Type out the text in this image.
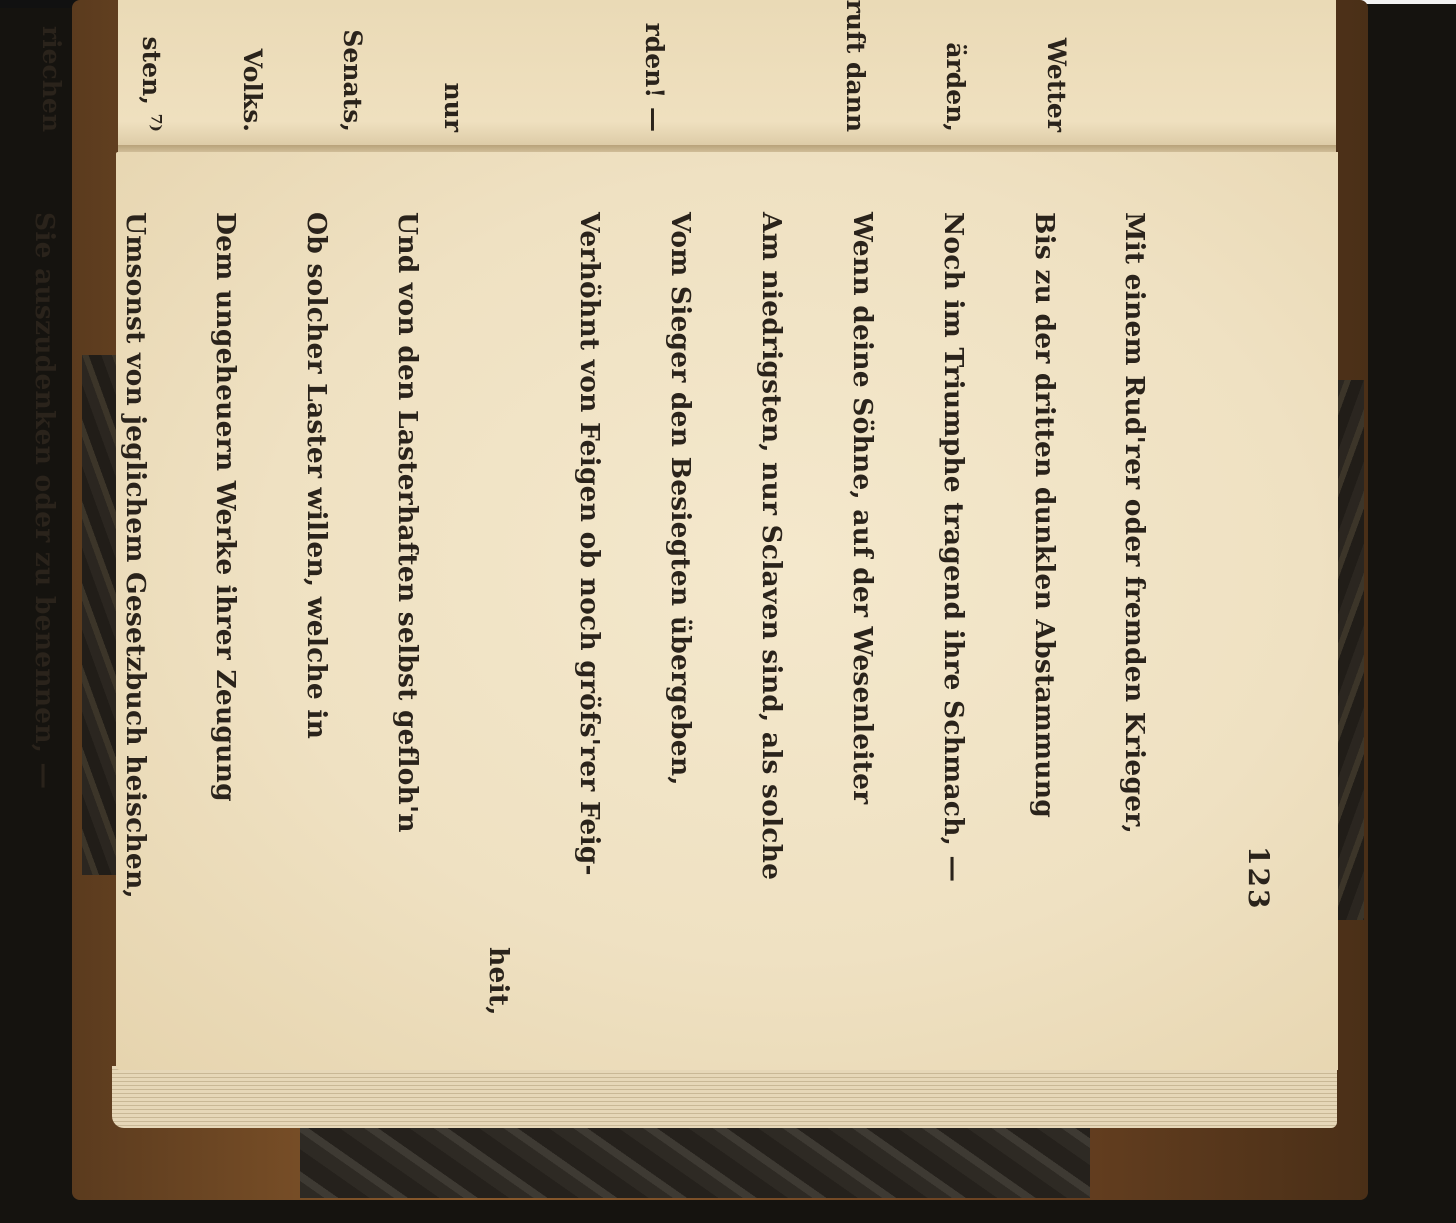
Wetter

ärden,

ruft dann

rden! —

nur

Senats,

Volks.

sten, ⁷⁾

riechen

123

Mit einem Rud'rer oder fremden Krieger,

Bis zu der dritten dunklen Abstammung

Noch im Triumphe tragend ihre Schmach, —

Wenn deine Söhne, auf der Wesenleiter

Am niedrigsten, nur Sclaven sind, als solche

Vom Sieger den Besiegten übergeben,

Verhöhnt von Feigen ob noch gröfs'rer Feig-

heit,

Und von den Lasterhaften selbst gefloh'n

Ob solcher Laster willen, welche in

Dem ungeheuern Werke ihrer Zeugung

Umsonst von jeglichem Gesetzbuch heischen,

Sie auszudenken oder zu benennen, —
